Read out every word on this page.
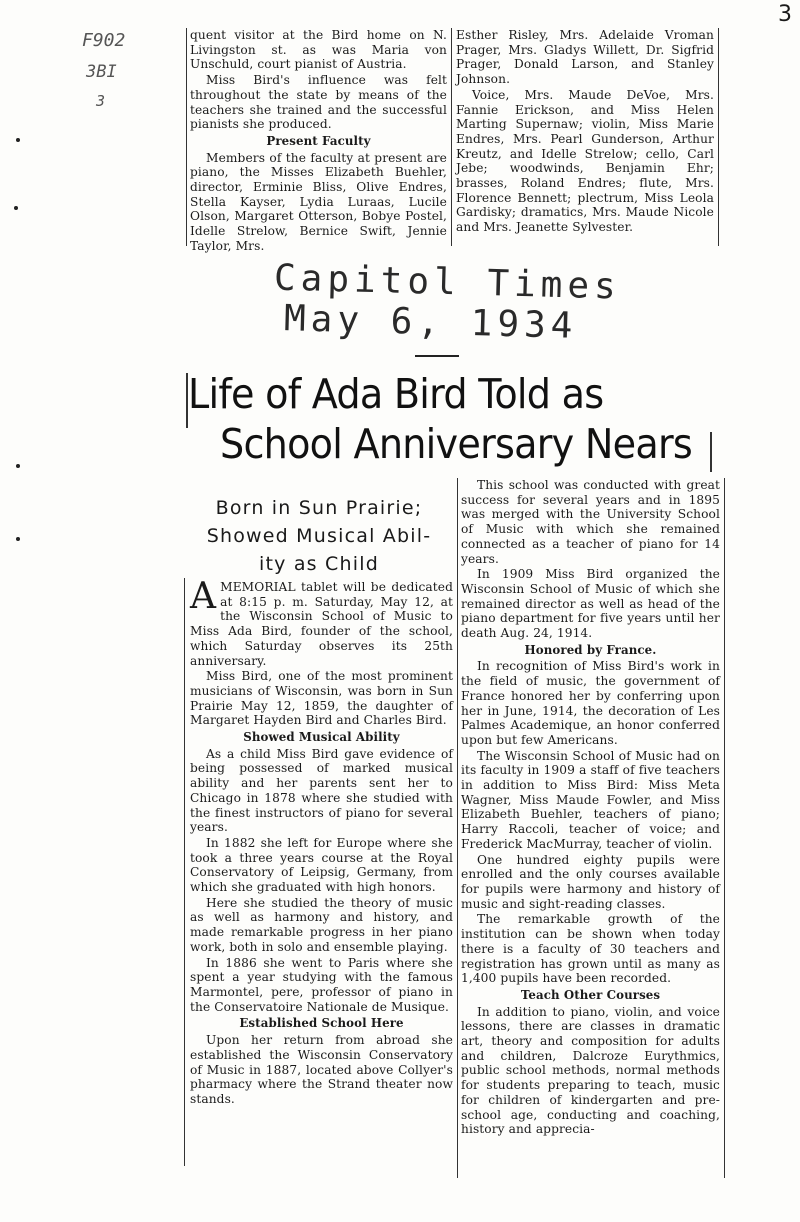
3
F902
3BI
3
Capitol Times
May 6, 1934

quent visitor at the Bird home on N. Livingston st. as was Maria von Unschuld, court pianist of Austria.

Miss Bird's influence was felt throughout the state by means of the teachers she trained and the successful pianists she produced.

Present Faculty

Members of the faculty at present are piano, the Misses Elizabeth Buehler, director, Erminie Bliss, Olive Endres, Stella Kayser, Lydia Luraas, Lucile Olson, Margaret Otterson, Bobye Postel, Idelle Strelow, Bernice Swift, Jennie Taylor, Mrs.

Esther Risley, Mrs. Adelaide Vroman Prager, Mrs. Gladys Willett, Dr. Sigfrid Prager, Donald Larson, and Stanley Johnson.

Voice, Mrs. Maude DeVoe, Mrs. Fannie Erickson, and Miss Helen Marting Supernaw; violin, Miss Marie Endres, Mrs. Pearl Gunderson, Arthur Kreutz, and Idelle Strelow; cello, Carl Jebe; woodwinds, Benjamin Ehr; brasses, Roland Endres; flute, Mrs. Florence Bennett; plectrum, Miss Leola Gardisky; dramatics, Mrs. Maude Nicole and Mrs. Jeanette Sylvester.

Life of Ada Bird Told as
School Anniversary Nears
Born in Sun Prairie;
Showed Musical Abil-
ity as Child

AMEMORIAL tablet will be dedicated at 8:15 p. m. Saturday, May 12, at the Wisconsin School of Music to Miss Ada Bird, founder of the school, which Saturday observes its 25th anniversary.

Miss Bird, one of the most prominent musicians of Wisconsin, was born in Sun Prairie May 12, 1859, the daughter of Margaret Hayden Bird and Charles Bird.

Showed Musical Ability

As a child Miss Bird gave evidence of being possessed of marked musical ability and her parents sent her to Chicago in 1878 where she studied with the finest instructors of piano for several years.

In 1882 she left for Europe where she took a three years course at the Royal Conservatory of Leipsig, Germany, from which she graduated with high honors.

Here she studied the theory of music as well as harmony and history, and made remarkable progress in her piano work, both in solo and ensemble playing.

In 1886 she went to Paris where she spent a year studying with the famous Marmontel, pere, professor of piano in the Conservatoire Nationale de Musique.

Established School Here

Upon her return from abroad she established the Wisconsin Conservatory of Music in 1887, located above Collyer's pharmacy where the Strand theater now stands.

This school was conducted with great success for several years and in 1895 was merged with the University School of Music with which she remained connected as a teacher of piano for 14 years.

In 1909 Miss Bird organized the Wisconsin School of Music of which she remained director as well as head of the piano department for five years until her death Aug. 24, 1914.

Honored by France.

In recognition of Miss Bird's work in the field of music, the government of France honored her by conferring upon her in June, 1914, the decoration of Les Palmes Academique, an honor conferred upon but few Americans.

The Wisconsin School of Music had on its faculty in 1909 a staff of five teachers in addition to Miss Bird: Miss Meta Wagner, Miss Maude Fowler, and Miss Elizabeth Buehler, teachers of piano; Harry Raccoli, teacher of voice; and Frederick MacMurray, teacher of violin.

One hundred eighty pupils were enrolled and the only courses available for pupils were harmony and history of music and sight-reading classes.

The remarkable growth of the institution can be shown when today there is a faculty of 30 teachers and registration has grown until as many as 1,400 pupils have been recorded.

Teach Other Courses

In addition to piano, violin, and voice lessons, there are classes in dramatic art, theory and composition for adults and children, Dalcroze Eurythmics, public school methods, normal methods for students preparing to teach, music for children of kindergarten and pre-school age, conducting and coaching, history and apprecia-
